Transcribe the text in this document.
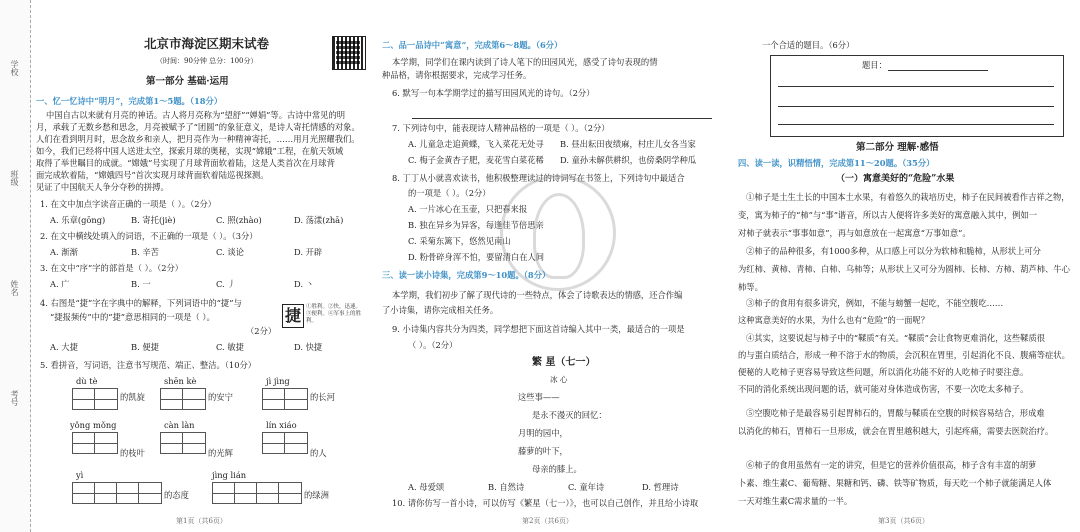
学校
班级
姓名
考号
北京市海淀区期末试卷
（时间：90分钟 总分：100分）
第一部分 基础·运用
一、忆一忆诗中“明月”，完成第1～5题。（18分）
中国自古以来就有月亮的神话。古人将月亮称为“望舒”“婵娟”等。古诗中常见的明
月，承载了无数乡愁和思念，月亮被赋予了“团圆”的象征意义，是诗人寄托情感的对象。
人们在看到明月时，思念故乡和亲人，把月亮作为一种精神寄托，……用月光照耀我们。
如今，我们已经将中国人送进太空，探索月球的奥秘，实现“嫦娥”工程，在航天领域
取得了举世瞩目的成就。“嫦娥”号实现了月球背面软着陆，这是人类首次在月球背
面完成软着陆，“嫦娥四号”首次实现月球背面软着陆巡视探测。
见证了中国航天人争分夺秒的拼搏。
1. 在文中加点字读音正确的一项是（ ）。（2分）
A. 乐章(gōng)	B. 寄托(jiè)	C. 照(zhào)	D. 荡漾(zhā)
2. 在文中横线处填入的词语，不正确的一项是（ ）。（3分）
A. 渐渐	B. 辛苦	C. 谈论	D. 开辟
3. 在文中“序”字的部首是（ ）。（2分）
A. 广	B. 一	C. 丿	D. 丶
4. 右图是“捷”字在字典中的解释，下列词语中的“捷”与
“捷报频传”中的“捷”意思相同的一项是（ ）。
（2分）
捷 ①胜利。②快，迅速。③便利。④军事上的胜利。
A. 大捷	B. 便捷	C. 敏捷	D. 快捷
5. 看拼音，写词语，注意书写规范、端正、整洁。（10分）
dù tè	shēn kè	jì jìng
的凯旋	的安宁	的长河
yǒng mǒng	càn làn	lín xiáo
的枝叶	的光辉	的人
yì	jìng lián
的态度	的绿洲
第1页（共6页）
二、品一品诗中“寓意”，完成第6～8题。（6分）
本学期，同学们在课内读到了诗人笔下的田园风光，感受了诗句表现的情
种品格，请你根据要求，完成学习任务。
6. 默写一句本学期学过的描写田园风光的诗句。（2分）
7. 下列诗句中，能表现诗人精神品格的一项是（ ）。（2分）
A. 儿童急走追黄蝶，飞入菜花无处寻 B. 昼出耘田夜绩麻，村庄儿女各当家
C. 梅子金黄杏子肥，麦花雪白菜花稀 D. 童孙未解供耕织，也傍桑阴学种瓜
8. 丁丁从小就喜欢读书，他积极整理读过的诗词写在书签上，下列诗句中最适合
的一项是（ ）。（2分）
A. 一片冰心在玉壶，只把春来报
B. 独在异乡为异客，每逢佳节倍思亲
C. 采菊东篱下，悠然见南山
D. 粉骨碎身浑不怕，要留清白在人间
三、读一读小诗集，完成第9～10题。（8分）
本学期，我们初步了解了现代诗的一些特点，体会了诗歌表达的情感，还合作编
了小诗集，请你完成相关任务。
9. 小诗集内容共分为四类，同学想把下面这首诗编入其中一类，最适合的一项是
（ ）。（2分）
繁 星（七一）
冰 心
这些事——
是永不漫灭的回忆：
月明的园中，
藤萝的叶下，
母亲的膝上。
A. 母爱颂	B. 自然诗	C. 童年诗	D. 哲理诗
10. 请你仿写一首小诗，可以仿写《繁星（七一）》，也可以自己创作，并且给小诗取
第2页（共6页）
一个合适的题目。（6分）
题目：
第二部分 理解·感悟
四、读一读，识精悟情，完成第11～20题。（35分）
（一）寓意美好的“危险”水果
①柿子是土生土长的中国本土水果，有着悠久的栽培历史，柿子在民间被看作吉祥之物，
变，寓为柿子的“柿”与“事”谐音，所以古人便将许多美好的寓意融入其中，例如一
对柿子就表示“事事如意”，再与如意放在一起寓意“万事如意”。
②柿子的品种很多，有1000多种，从口感上可以分为软柿和脆柿，从形状上可分
为红柿、黄柿、青柿、白柿、乌柿等；从形状上又可分为圆柿、长柿、方柿、葫芦柿、牛心
柿等。
③柿子的食用有很多讲究，例如，不能与螃蟹一起吃，不能空腹吃……
这种寓意美好的水果，为什么也有“危险”的一面呢？
④其实，这要说起与柿子中的“鞣质”有关。“鞣质”会让食物更难消化，这些鞣质很
的与蛋白质结合，形成一种不溶于水的物质，会沉积在胃里，引起消化不良、腹痛等症状。
便秘的人吃柿子更容易导致这些问题，所以消化功能不好的人吃柿子时要注意。
不同的消化系统出现问题的话，就可能对身体造成伤害，不要一次吃太多柿子。
⑤空腹吃柿子是最容易引起胃柿石的，胃酸与鞣质在空腹的时候容易结合，形成难
以消化的柿石，胃柿石一旦形成，就会在胃里越积越大，引起疼痛，需要去医院治疗。
⑥柿子的食用虽然有一定的讲究，但是它的营养价值很高，柿子含有丰富的胡萝
卜素、维生素C、葡萄糖、果糖和钙、磷、铁等矿物质，每天吃一个柿子就能满足人体
一天对维生素C需求量的一半。
第3页（共6页）
